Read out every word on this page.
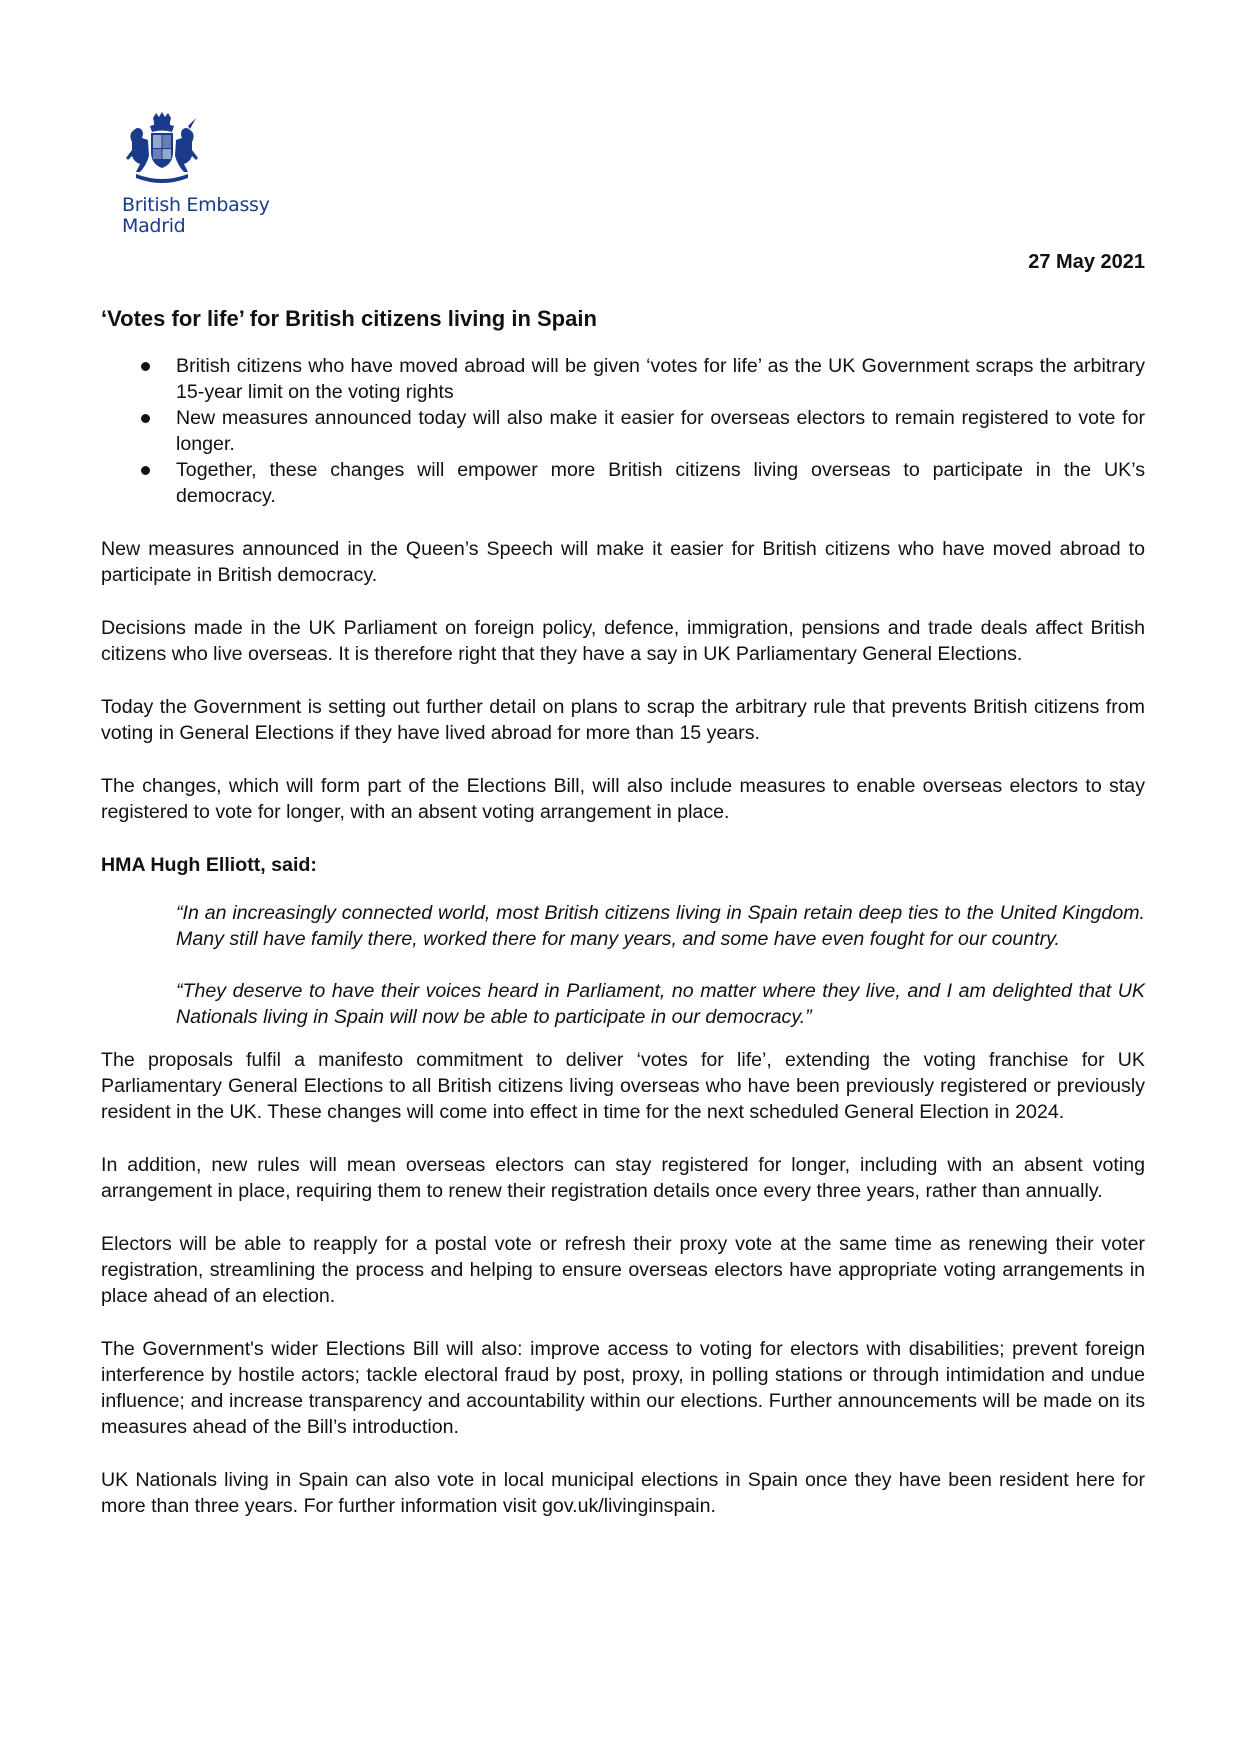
British Embassy
Madrid
27 May 2021
‘Votes for life’ for British citizens living in Spain
British citizens who have moved abroad will be given ‘votes for life’ as the UK Government scraps the arbitrary 15-year limit on the voting rights
New measures announced today will also make it easier for overseas electors to remain registered to vote for longer.
Together, these changes will empower more British citizens living overseas to participate in the UK’s democracy.

New measures announced in the Queen’s Speech will make it easier for British citizens who have moved abroad to participate in British democracy.

Decisions made in the UK Parliament on foreign policy, defence, immigration, pensions and trade deals affect British citizens who live overseas. It is therefore right that they have a say in UK Parliamentary General Elections.

Today the Government is setting out further detail on plans to scrap the arbitrary rule that prevents British citizens from voting in General Elections if they have lived abroad for more than 15 years.

The changes, which will form part of the Elections Bill, will also include measures to enable overseas electors to stay registered to vote for longer, with an absent voting arrangement in place.

HMA Hugh Elliott, said:
“In an increasingly connected world, most British citizens living in Spain retain deep ties to the United Kingdom. Many still have family there, worked there for many years, and some have even fought for our country.
“They deserve to have their voices heard in Parliament, no matter where they live, and I am delighted that UK Nationals living in Spain will now be able to participate in our democracy.”

The proposals fulfil a manifesto commitment to deliver ‘votes for life’, extending the voting franchise for UK Parliamentary General Elections to all British citizens living overseas who have been previously registered or previously resident in the UK. These changes will come into effect in time for the next scheduled General Election in 2024.

In addition, new rules will mean overseas electors can stay registered for longer, including with an absent voting arrangement in place, requiring them to renew their registration details once every three years, rather than annually.

Electors will be able to reapply for a postal vote or refresh their proxy vote at the same time as renewing their voter registration, streamlining the process and helping to ensure overseas electors have appropriate voting arrangements in place ahead of an election.

The Government's wider Elections Bill will also: improve access to voting for electors with disabilities; prevent foreign interference by hostile actors; tackle electoral fraud by post, proxy, in polling stations or through intimidation and undue influence; and increase transparency and accountability within our elections. Further announcements will be made on its measures ahead of the Bill’s introduction.

UK Nationals living in Spain can also vote in local municipal elections in Spain once they have been resident here for more than three years. For further information visit gov.uk/livinginspain.
